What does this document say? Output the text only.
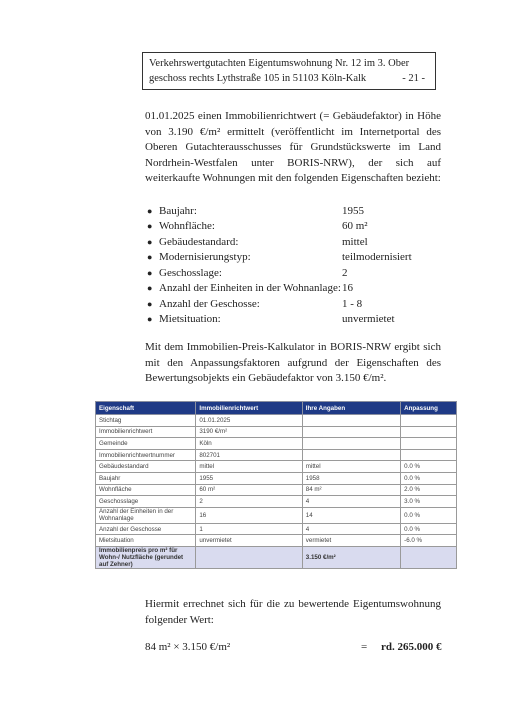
Verkehrswertgutachten Eigentumswohnung Nr. 12 im 3. Ober
geschoss rechts Lythstraße 105 in 51103 Köln-Kalk	- 21 -
01.01.2025 einen Immobilienrichtwert (= Gebäudefaktor) in Höhe von 3.190 €/m² ermittelt (veröffentlicht im Internetportal des Oberen Gutachterausschusses für Grundstückswerte im Land Nordrhein-Westfalen unter BORIS-NRW), der sich auf weiterkaufte Wohnungen mit den folgenden Eigenschaften bezieht:
● Baujahr:	1955
● Wohnfläche:	60 m²
● Gebäudestandard:	mittel
● Modernisierungstyp:	teilmodernisiert
● Geschosslage:	2
● Anzahl der Einheiten in der Wohnanlage: 16
● Anzahl der Geschosse:	1 - 8
● Mietsituation:	unvermietet
Mit dem Immobilien-Preis-Kalkulator in BORIS-NRW ergibt sich mit den Anpassungsfaktoren aufgrund der Eigenschaften des Bewertungsobjekts ein Gebäudefaktor von 3.150 €/m².
Eigenschaft	Immobilienrichtwert	Ihre Angaben	Anpassung
Stichtag	01.01.2025		
Immobilienrichtwert	3190 €/m²		
Gemeinde	Köln		
Immobilienrichtwertnummer	802701		
Gebäudestandard	mittel	mittel	0.0 %
Baujahr	1955	1958	0.0 %
Wohnfläche	60 m²	84 m²	2.0 %
Geschosslage	2	4	3.0 %
Anzahl der Einheiten in der Wohnanlage	16	14	0.0 %
Anzahl der Geschosse	1	4	0.0 %
Mietsituation	unvermietet	vermietet	-6.0 %
Immobilienpreis pro m² für Wohn-/ Nutzfläche (gerundet auf Zehner)		3.150 €/m²	
Hiermit errechnet sich für die zu bewertende Eigentumswohnung folgender Wert:
84 m² × 3.150 €/m²	=	rd. 265.000 €
